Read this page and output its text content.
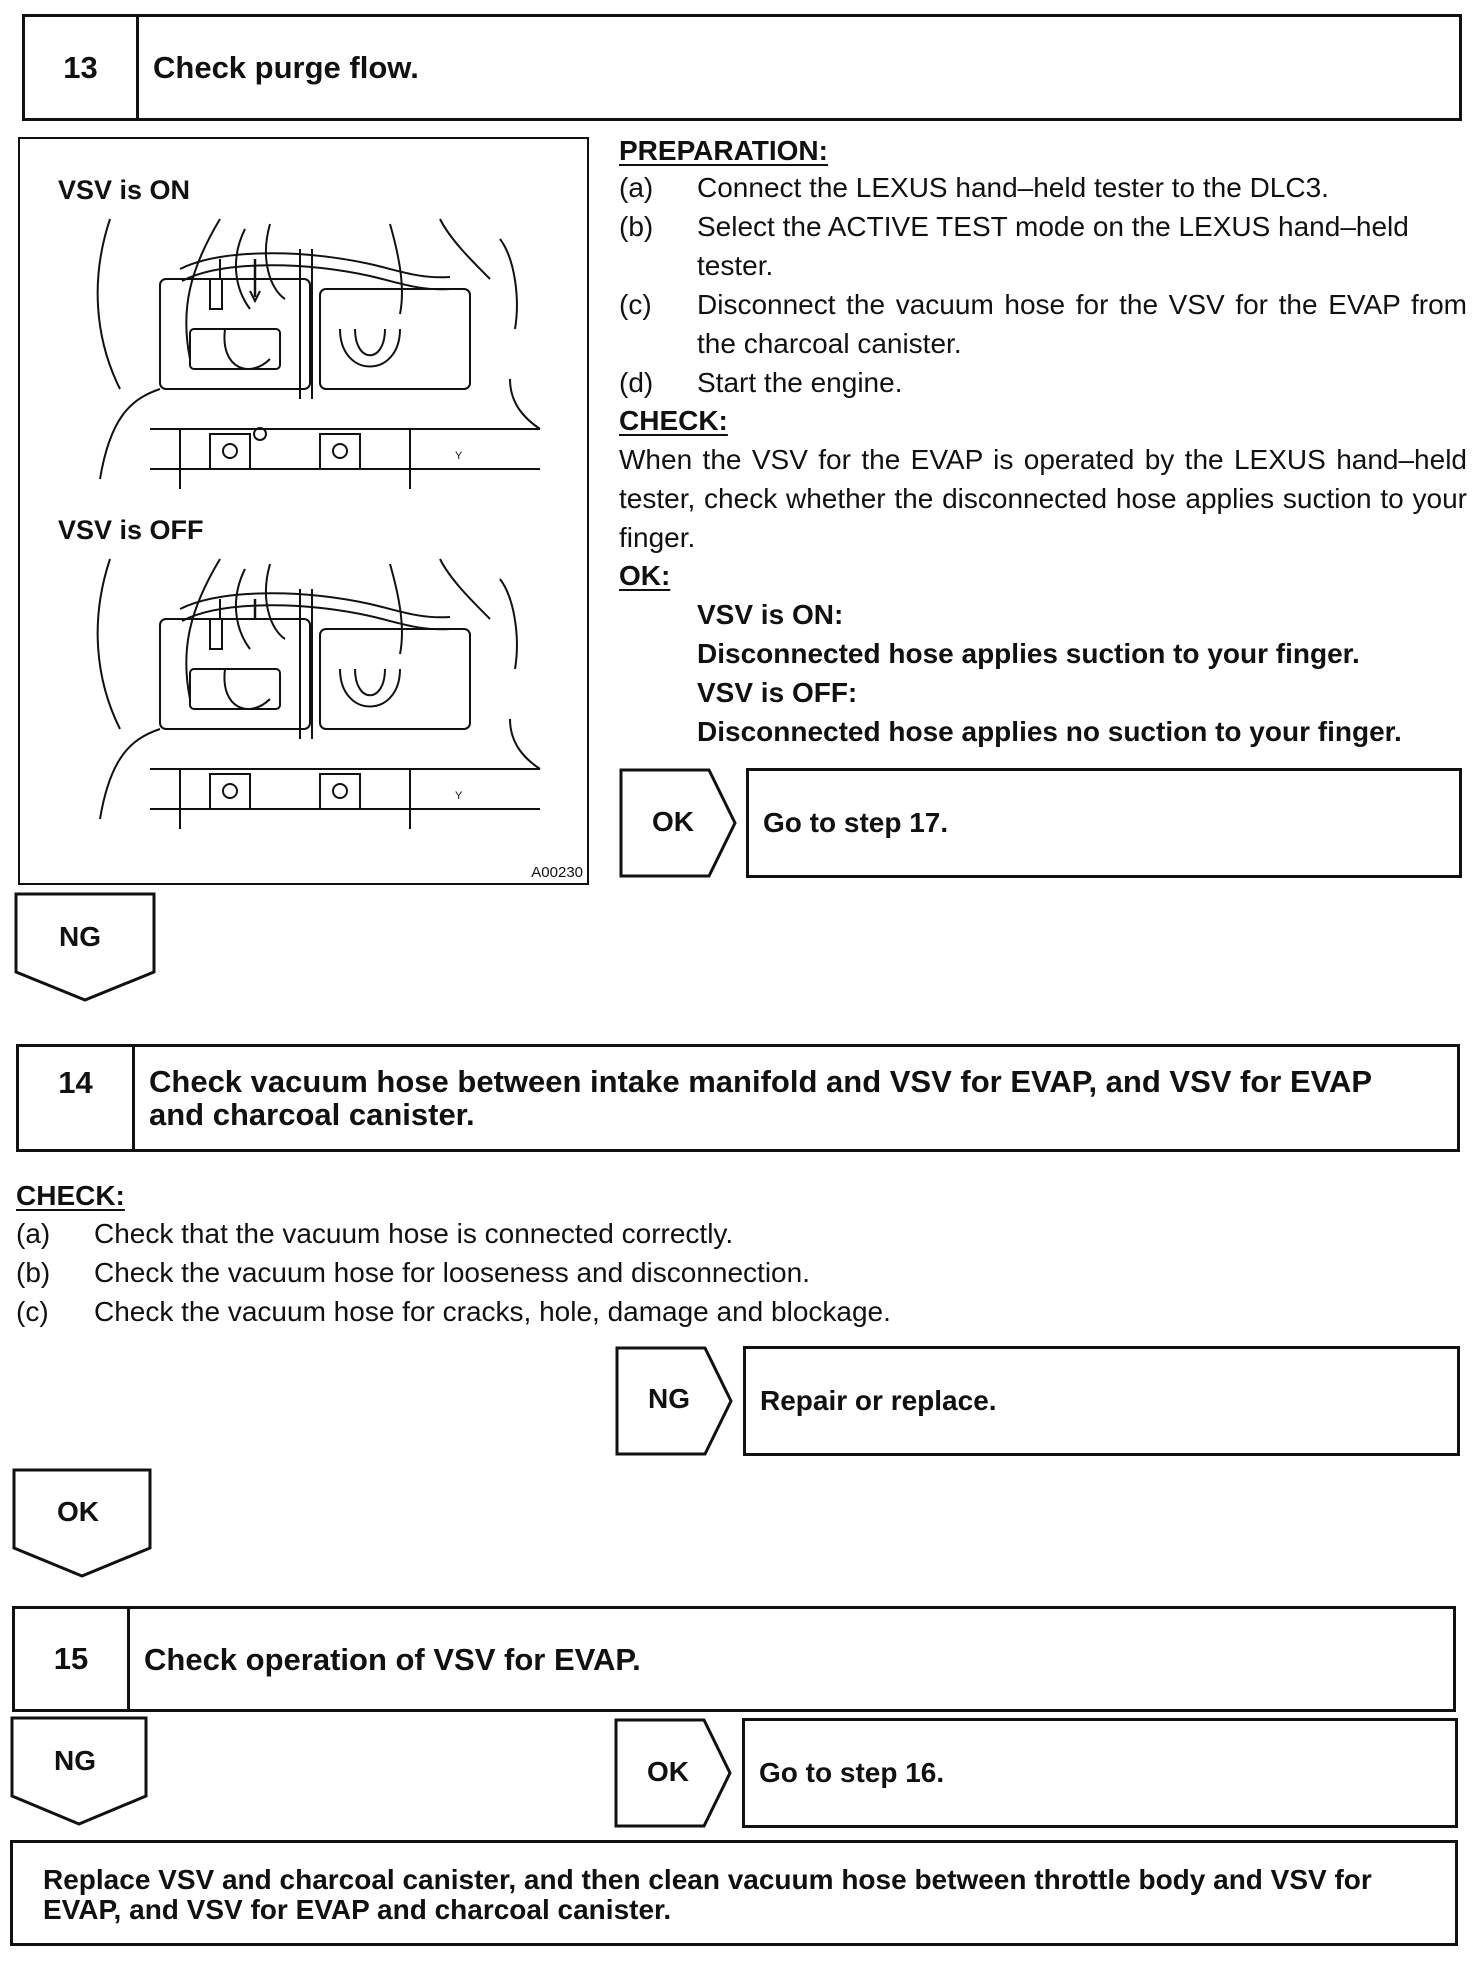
13	Check purge flow.
VSV is ON
VSV is OFF
A00230
Y
Y
PREPARATION:
(a)	Connect the LEXUS hand–held tester to the DLC3.
(b)	Select the ACTIVE TEST mode on the LEXUS hand–held tester.
(c)	Disconnect the vacuum hose for the VSV for the EVAP from the charcoal canister.
(d)	Start the engine.
CHECK:
When the VSV for the EVAP is operated by the LEXUS hand–held tester, check whether the disconnected hose applies suction to your finger.
OK:
VSV is ON:
Disconnected hose applies suction to your finger.
VSV is OFF:
Disconnected hose applies no suction to your finger.
OK	Go to step 17.
NG
14	Check vacuum hose between intake manifold and VSV for EVAP, and VSV for EVAP and charcoal canister.
CHECK:
(a)	Check that the vacuum hose is connected correctly.
(b)	Check the vacuum hose for looseness and disconnection.
(c)	Check the vacuum hose for cracks, hole, damage and blockage.
NG	Repair or replace.
OK
15	Check operation of VSV for EVAP.
NG	OK	Go to step 16.
Replace VSV and charcoal canister, and then clean vacuum hose between throttle body and VSV for EVAP, and VSV for EVAP and charcoal canister.
